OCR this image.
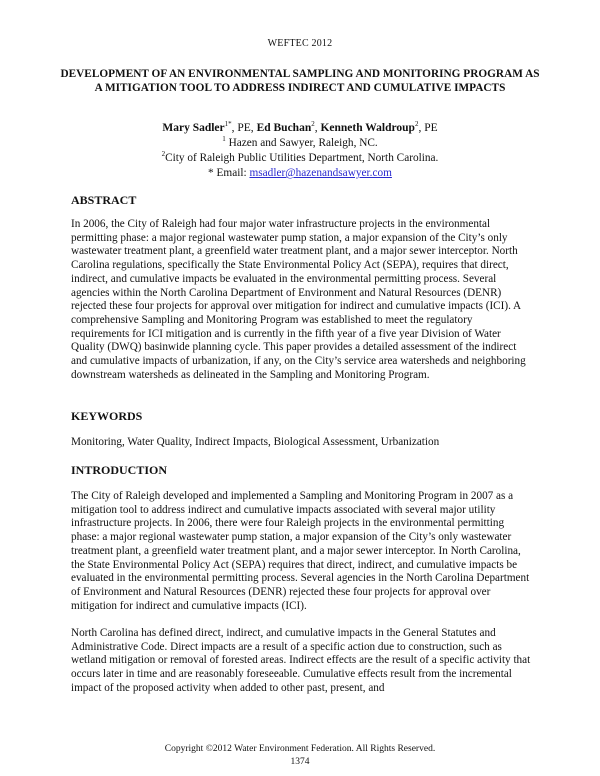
WEFTEC 2012
DEVELOPMENT OF AN ENVIRONMENTAL SAMPLING AND MONITORING PROGRAM AS A MITIGATION TOOL TO ADDRESS INDIRECT AND CUMULATIVE IMPACTS
Mary Sadler$^{1*}$, PE, Ed Buchan$^2$, Kenneth Waldroup$^2$, PE
$^1$ Hazen and Sawyer, Raleigh, NC.
$^2$City of Raleigh Public Utilities Department, North Carolina.
* Email: msadler@hazenandsawyer.com
ABSTRACT
In 2006, the City of Raleigh had four major water infrastructure projects in the environmental permitting phase: a major regional wastewater pump station, a major expansion of the City’s only wastewater treatment plant, a greenfield water treatment plant, and a major sewer interceptor. North Carolina regulations, specifically the State Environmental Policy Act (SEPA), requires that direct, indirect, and cumulative impacts be evaluated in the environmental permitting process. Several agencies within the North Carolina Department of Environment and Natural Resources (DENR) rejected these four projects for approval over mitigation for indirect and cumulative impacts (ICI). A comprehensive Sampling and Monitoring Program was established to meet the regulatory requirements for ICI mitigation and is currently in the fifth year of a five year Division of Water Quality (DWQ) basinwide planning cycle. This paper provides a detailed assessment of the indirect and cumulative impacts of urbanization, if any, on the City’s service area watersheds and neighboring downstream watersheds as delineated in the Sampling and Monitoring Program.
KEYWORDS
Monitoring, Water Quality, Indirect Impacts, Biological Assessment, Urbanization
INTRODUCTION
The City of Raleigh developed and implemented a Sampling and Monitoring Program in 2007 as a mitigation tool to address indirect and cumulative impacts associated with several major utility infrastructure projects. In 2006, there were four Raleigh projects in the environmental permitting phase: a major regional wastewater pump station, a major expansion of the City’s only wastewater treatment plant, a greenfield water treatment plant, and a major sewer interceptor. In North Carolina, the State Environmental Policy Act (SEPA) requires that direct, indirect, and cumulative impacts be evaluated in the environmental permitting process. Several agencies in the North Carolina Department of Environment and Natural Resources (DENR) rejected these four projects for approval over mitigation for indirect and cumulative impacts (ICI).
North Carolina has defined direct, indirect, and cumulative impacts in the General Statutes and Administrative Code. Direct impacts are a result of a specific action due to construction, such as wetland mitigation or removal of forested areas. Indirect effects are the result of a specific activity that occurs later in time and are reasonably foreseeable. Cumulative effects result from the incremental impact of the proposed activity when added to other past, present, and
Copyright ©2012 Water Environment Federation. All Rights Reserved.
1374
